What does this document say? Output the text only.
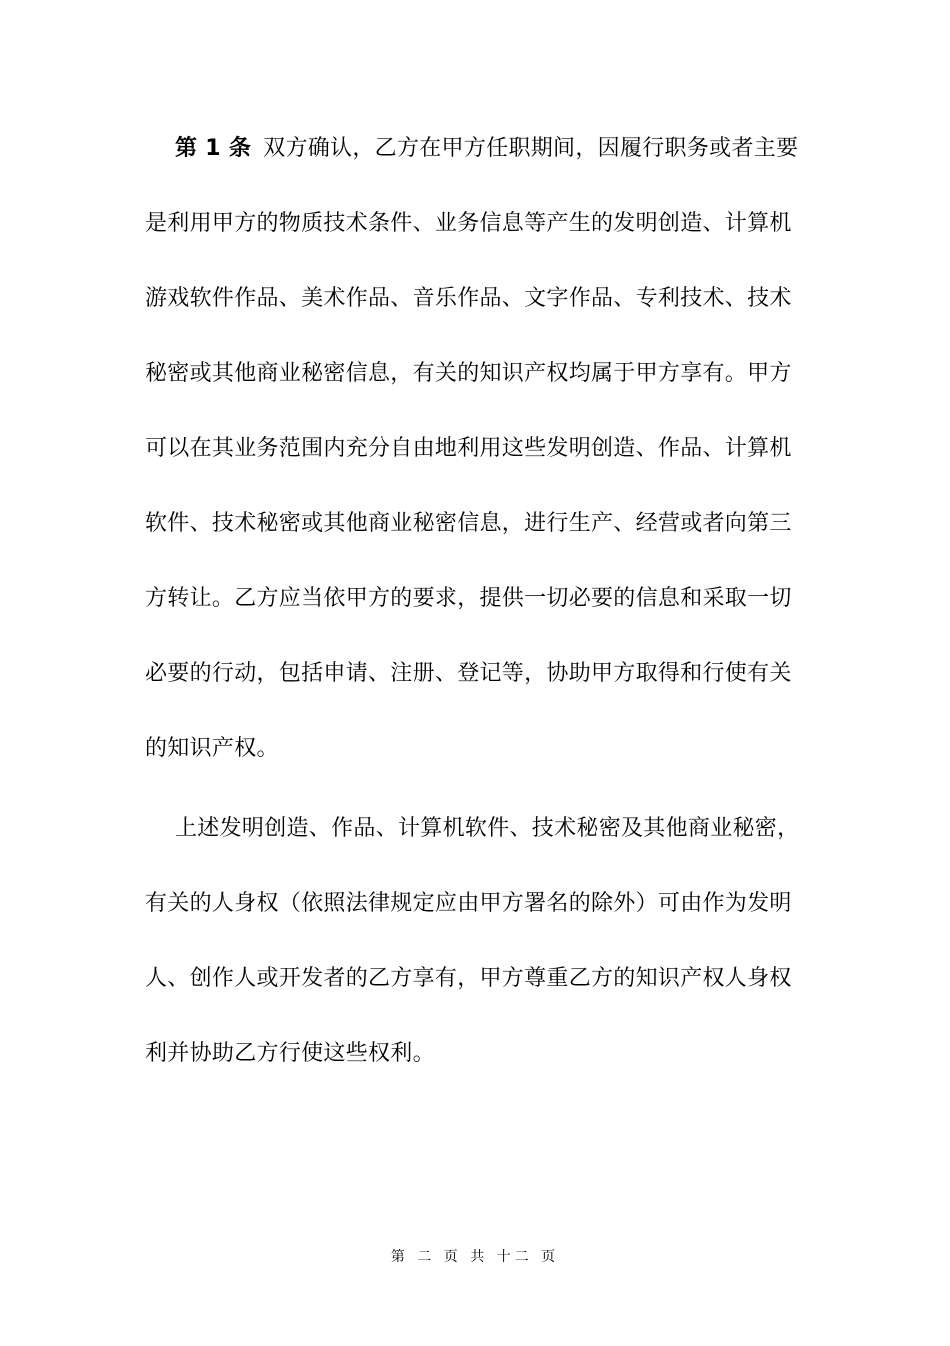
第 1 条 双方确认，乙方在甲方任职期间，因履行职务或者主要
是利用甲方的物质技术条件、业务信息等产生的发明创造、计算机
游戏软件作品、美术作品、音乐作品、文字作品、专利技术、技术
秘密或其他商业秘密信息，有关的知识产权均属于甲方享有。甲方
可以在其业务范围内充分自由地利用这些发明创造、作品、计算机
软件、技术秘密或其他商业秘密信息，进行生产、经营或者向第三
方转让。乙方应当依甲方的要求，提供一切必要的信息和采取一切
必要的行动，包括申请、注册、登记等，协助甲方取得和行使有关
的知识产权。
上述发明创造、作品、计算机软件、技术秘密及其他商业秘密，
有关的人身权（依照法律规定应由甲方署名的除外）可由作为发明
人、创作人或开发者的乙方享有，甲方尊重乙方的知识产权人身权
利并协助乙方行使这些权利。
第 二 页 共 十二 页
